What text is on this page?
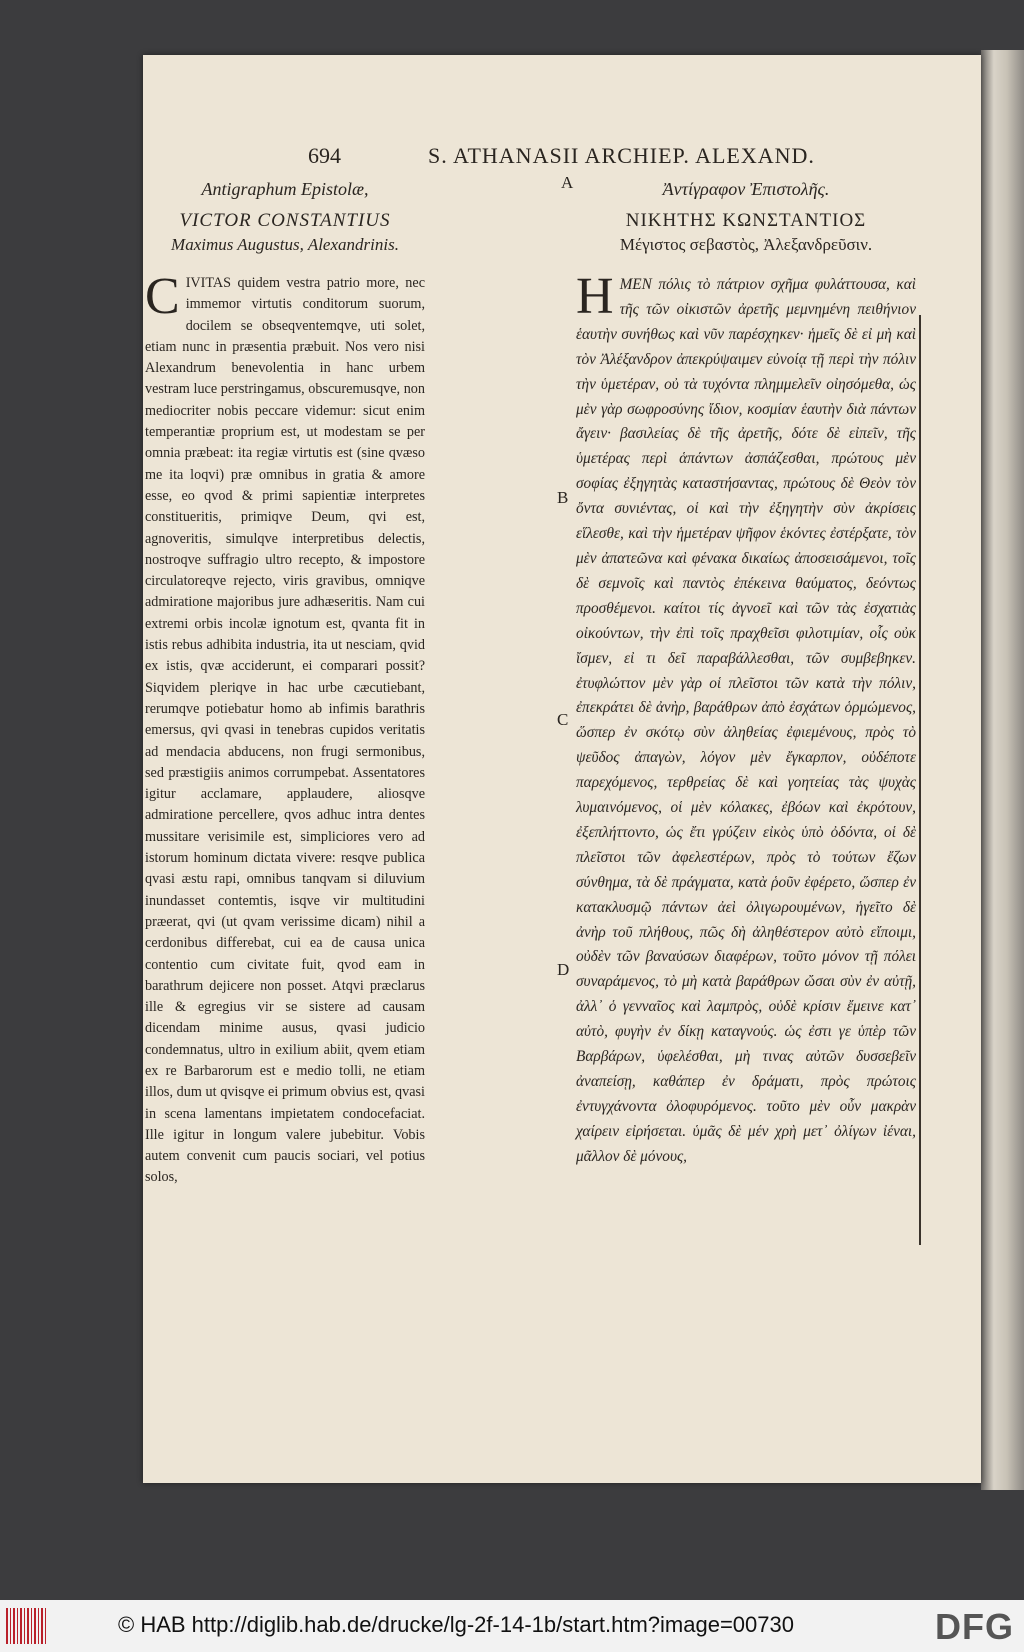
694	S. ATHANASII ARCHIEP. ALEXAND.
A
B
C
D

Antigraphum Epistolæ,

VICTOR CONSTANTIUS

Maximus Augustus, Alexandrinis.

CIVITAS quidem vestra patrio more, nec immemor virtutis conditorum suorum, docilem se obseqventemqve, uti solet, etiam nunc in præsentia præbuit. Nos vero nisi Alexandrum benevolentia in hanc urbem vestram luce perstringamus, obscuremusqve, non mediocriter nobis peccare videmur: sicut enim temperantiæ proprium est, ut modestam se per omnia præbeat: ita regiæ virtutis est (sine qvæso me ita loqvi) præ omnibus in gratia & amore esse, eo qvod & primi sapientiæ interpretes constitueritis, primiqve Deum, qvi est, agnoveritis, simulqve interpretibus delectis, nostroqve suffragio ultro recepto, & impostore circulatoreqve rejecto, viris gravibus, omniqve admiratione majoribus jure adhæseritis. Nam cui extremi orbis incolæ ignotum est, qvanta fit in istis rebus adhibita industria, ita ut nesciam, qvid ex istis, qvæ acciderunt, ei comparari possit? Siqvidem pleriqve in hac urbe cæcutiebant, rerumqve potiebatur homo ab infimis barathris emersus, qvi qvasi in tenebras cupidos veritatis ad mendacia abducens, non frugi sermonibus, sed præstigiis animos corrumpebat. Assentatores igitur acclamare, applaudere, aliosqve admiratione percellere, qvos adhuc intra dentes mussitare verisimile est, simpliciores vero ad istorum hominum dictata vivere: resqve publica qvasi æstu rapi, omnibus tanqvam si diluvium inundasset contemtis, isqve vir multitudini præerat, qvi (ut qvam verissime dicam) nihil a cerdonibus differebat, cui ea de causa unica contentio cum civitate fuit, qvod eam in barathrum dejicere non posset. Atqvi præclarus ille & egregius vir se sistere ad causam dicendam minime ausus, qvasi judicio condemnatus, ultro in exilium abiit, qvem etiam ex re Barbarorum est e medio tolli, ne etiam illos, dum ut qvisqve ei primum obvius est, qvasi in scena lamentans impietatem condocefaciat. Ille igitur in longum valere jubebitur. Vobis autem convenit cum paucis sociari, vel potius solos,

Ἀντίγραφον Ἐπιστολῆς.

ΝΙΚΗΤΗΣ ΚΩΝΣΤΑΝΤΙΟΣ

Μέγιστος σεβαστὸς, Ἀλεξανδρεῦσιν.

HΜΕΝ πόλις τὸ πάτριον σχῆμα φυλάττουσα, καὶ τῆς τῶν οἰκιστῶν ἀρετῆς μεμνημένη πειθήνιον ἑαυτὴν συνήθως καὶ νῦν παρέσχηκεν· ἡμεῖς δὲ εἰ μὴ καὶ τὸν Ἀλέξανδρον ἀπεκρύψαιμεν εὐνοίᾳ τῇ περὶ τὴν πόλιν τὴν ὑμετέραν, οὐ τὰ τυχόντα πλημμελεῖν οἰησόμεθα, ὡς μὲν γὰρ σωφροσύνης ἴδιον, κοσμίαν ἑαυτὴν διὰ πάντων ἄγειν· βασιλείας δὲ τῆς ἀρετῆς, δότε δὲ εἰπεῖν, τῆς ὑμετέρας περὶ ἁπάντων ἀσπάζεσθαι, πρώτους μὲν σοφίας ἐξηγητὰς καταστήσαντας, πρώτους δὲ Θεὸν τὸν ὄντα συνιέντας, οἱ καὶ τὴν ἐξηγητὴν σὺν ἀκρίσεις εἵλεσθε, καὶ τὴν ἡμετέραν ψῆφον ἑκόντες ἐστέρξατε, τὸν μὲν ἀπατεῶνα καὶ φένακα δικαίως ἀποσεισάμενοι, τοῖς δὲ σεμνοῖς καὶ παντὸς ἐπέκεινα θαύματος, δεόντως προσθέμενοι. καίτοι τίς ἀγνοεῖ καὶ τῶν τὰς ἐσχατιὰς οἰκούντων, τὴν ἐπὶ τοῖς πραχθεῖσι φιλοτιμίαν, οἷς οὐκ ἴσμεν, εἰ τι δεῖ παραβάλλεσθαι, τῶν συμβεβηκεν. ἐτυφλώττον μὲν γὰρ οἱ πλεῖστοι τῶν κατὰ τὴν πόλιν, ἐπεκράτει δὲ ἀνὴρ, βαράθρων ἀπὸ ἐσχάτων ὁρμώμενος, ὥσπερ ἐν σκότῳ σὺν ἀληθείας ἐφιεμένους, πρὸς τὸ ψεῦδος ἀπαγὼν, λόγον μὲν ἔγκαρπον, οὐδέποτε παρεχόμενος, τερθρείας δὲ καὶ γοητείας τὰς ψυχὰς λυμαινόμενος, οἱ μὲν κόλακες, ἐβόων καὶ ἐκρότουν, ἐξεπλήττοντο, ὡς ἔτι γρύζειν εἰκὸς ὑπὸ ὀδόντα, οἱ δὲ πλεῖστοι τῶν ἀφελεστέρων, πρὸς τὸ τούτων ἔζων σύνθημα, τὰ δὲ πράγματα, κατὰ ῥοῦν ἐφέρετο, ὥσπερ ἐν κατακλυσμῷ πάντων ἀεὶ ὀλιγωρουμένων, ἡγεῖτο δὲ ἀνὴρ τοῦ πλήθους, πῶς δὴ ἀληθέστερον αὐτὸ εἴποιμι, οὐδὲν τῶν βαναύσων διαφέρων, τοῦτο μόνον τῇ πόλει συναράμενος, τὸ μὴ κατὰ βαράθρων ὤσαι σὺν ἐν αὐτῇ, ἀλλ᾽ ὁ γενναῖος καὶ λαμπρὸς, οὐδὲ κρίσιν ἔμεινε κατ᾽ αὐτὸ, φυγὴν ἐν δίκῃ καταγνούς. ὡς ἐστι γε ὑπὲρ τῶν Βαρβάρων, ὑφελέσθαι, μὴ τινας αὐτῶν δυσσεβεῖν ἀναπείσῃ, καθάπερ ἐν δράματι, πρὸς πρώτοις ἐντυγχάνοντα ὀλοφυρόμενος. τοῦτο μὲν οὖν μακρὰν χαίρειν εἰρήσεται. ὑμᾶς δὲ μέν χρὴ μετ᾽ ὀλίγων ἰέναι, μᾶλλον δὲ μόνους,

© HAB http://diglib.hab.de/drucke/lg-2f-14-1b/start.htm?image=00730	DFG
